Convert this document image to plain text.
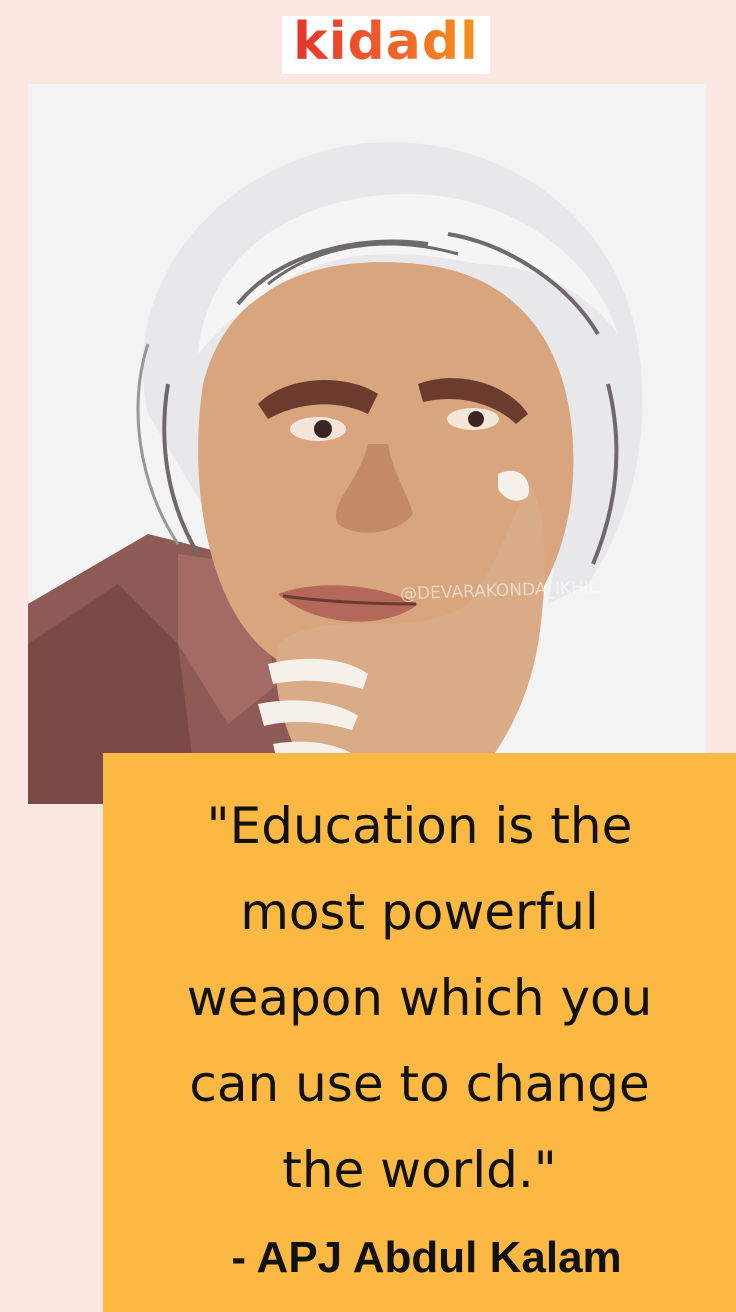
kidadl
@DEVARAKONDA_IKHIL

"Education is the
most powerful
weapon which you
can use to change
the world."

- APJ Abdul Kalam
